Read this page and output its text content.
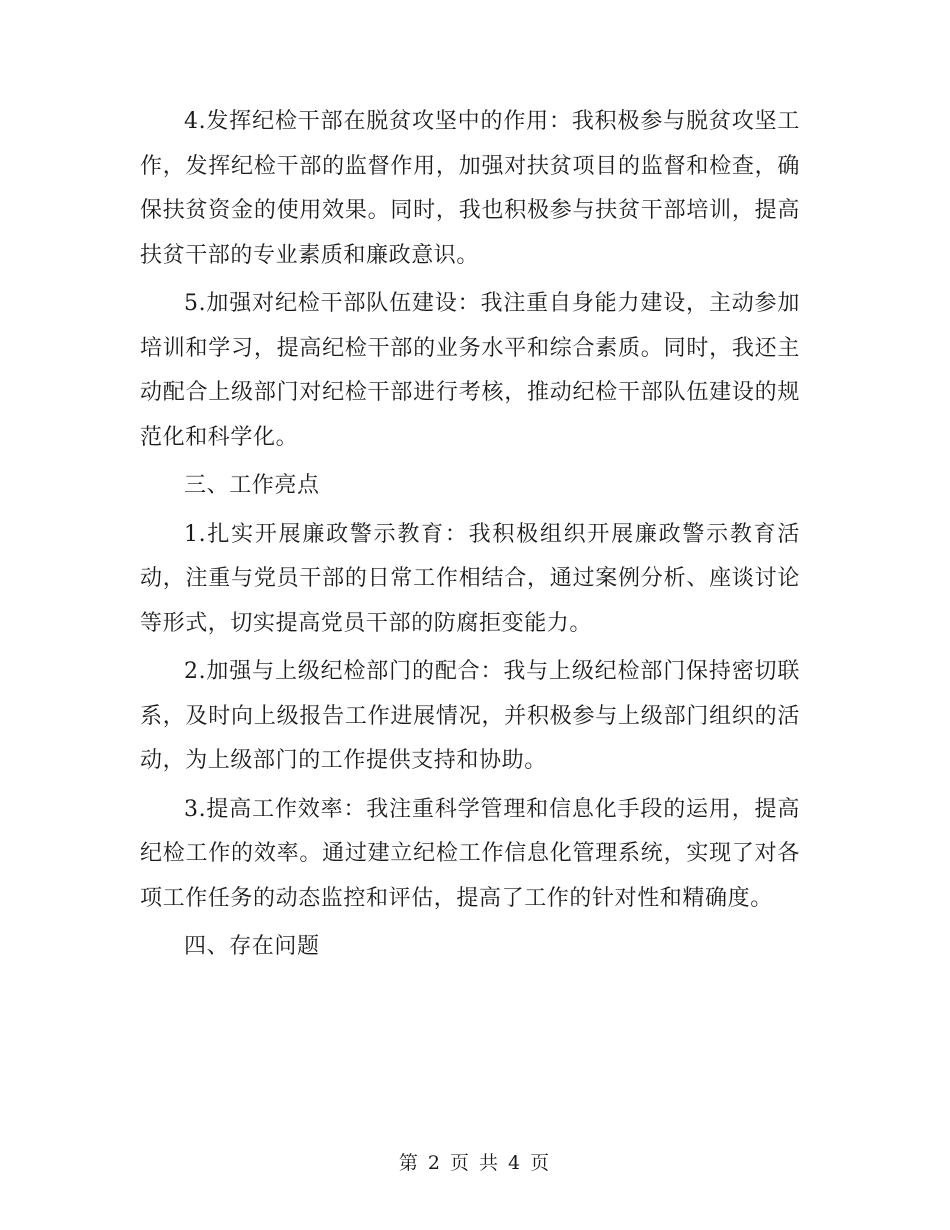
4.发挥纪检干部在脱贫攻坚中的作用：我积极参与脱贫攻坚工作，发挥纪检干部的监督作用，加强对扶贫项目的监督和检查，确保扶贫资金的使用效果。同时，我也积极参与扶贫干部培训，提高扶贫干部的专业素质和廉政意识。

5.加强对纪检干部队伍建设：我注重自身能力建设，主动参加培训和学习，提高纪检干部的业务水平和综合素质。同时，我还主动配合上级部门对纪检干部进行考核，推动纪检干部队伍建设的规范化和科学化。

三、工作亮点

1.扎实开展廉政警示教育：我积极组织开展廉政警示教育活动，注重与党员干部的日常工作相结合，通过案例分析、座谈讨论等形式，切实提高党员干部的防腐拒变能力。

2.加强与上级纪检部门的配合：我与上级纪检部门保持密切联系，及时向上级报告工作进展情况，并积极参与上级部门组织的活动，为上级部门的工作提供支持和协助。

3.提高工作效率：我注重科学管理和信息化手段的运用，提高纪检工作的效率。通过建立纪检工作信息化管理系统，实现了对各项工作任务的动态监控和评估，提高了工作的针对性和精确度。

四、存在问题

第 2 页 共 4 页
